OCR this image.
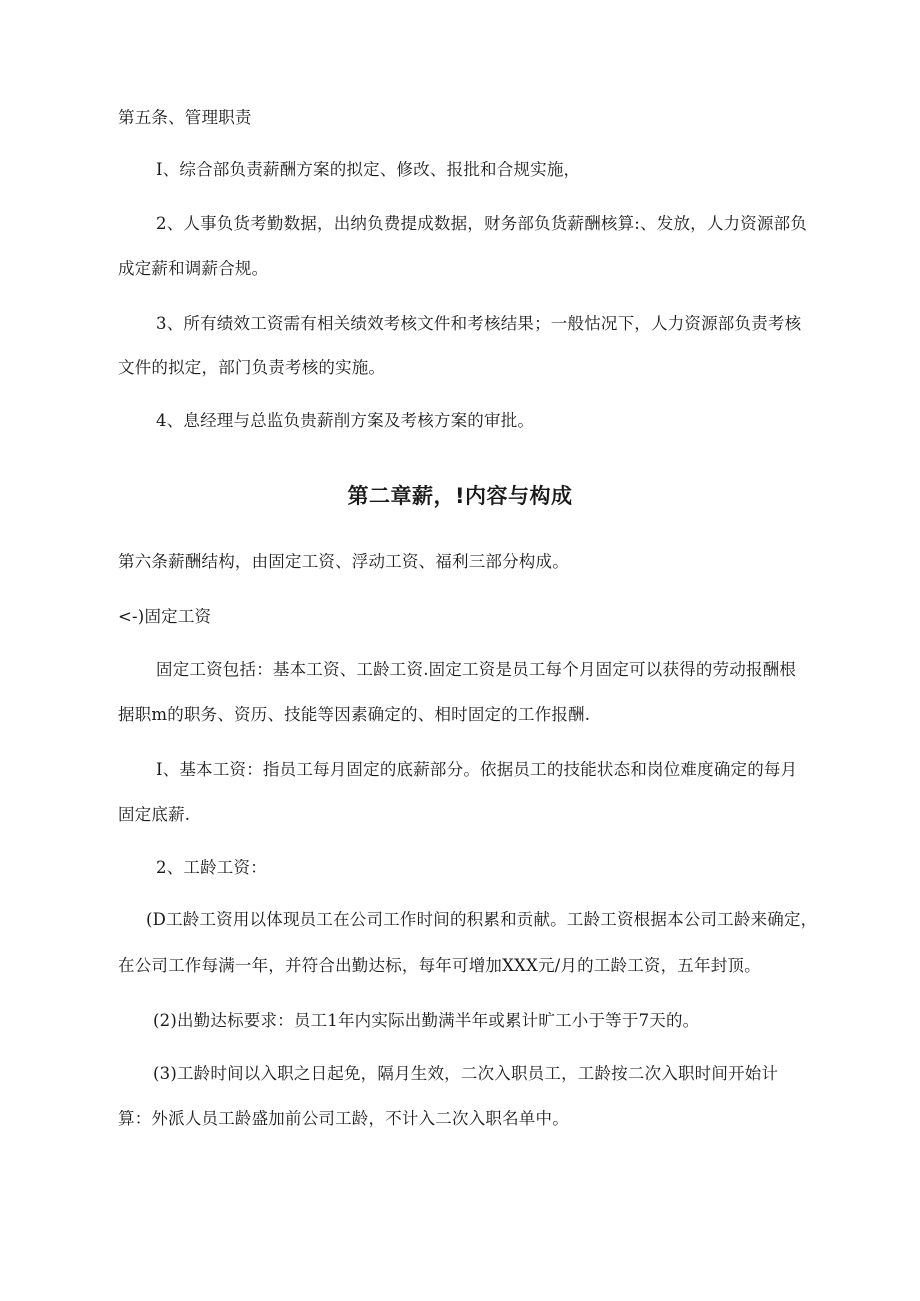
第五条、管理职责
I、综合部负责薪酬方案的拟定、修改、报批和合规实施，
2、人事负货考勤数据，出纳负费提成数据，财务部负货薪酬核算:、发放，人力资源部负
成定薪和调薪合规。
3、所有绩效工资需有相关绩效考核文件和考核结果；一般怙况下，人力资源部负责考核
文件的拟定，部门负责考核的实施。
4、息经理与总监负贵薪削方案及考核方案的审批。
第二章薪，!内容与构成
第六条薪酬结构，由固定工资、浮动工资、福利三部分构成。
<-)固定工资
固定工资包括：基本工资、工龄工资.固定工资是员工每个月固定可以获得的劳动报酬根
据职m的职务、资历、技能等因素确定的、相时固定的工作报酬.
I、基本工资：指员工每月固定的底薪部分。依据员工的技能状态和岗位难度确定的每月
固定底薪.
2、工龄工资：
(D工龄工资用以体现员工在公司工作时间的积累和贡献。工龄工资根据本公司工龄来确定，
在公司工作每满一年，并符合出勤达标，每年可增加XXX元/月的工龄工资，五年封顶。
(2)出勤达标要求：员工1年内实际出勤满半年或累计旷工小于等于7天的。
(3)工龄时间以入职之日起免，隔月生效，二次入职员工，工龄按二次入职时间开始计
算：外派人员工龄盛加前公司工龄，不计入二次入职名单中。
